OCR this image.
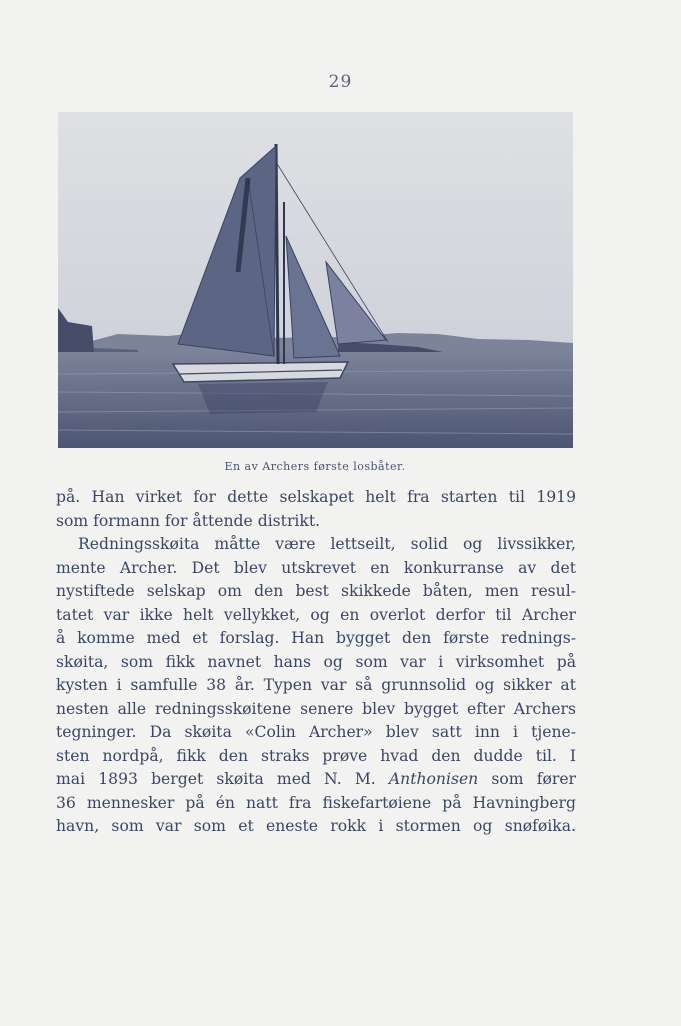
29
En av Archers første losbåter.
på. Han virket for dette selskapet helt fra starten til 1919
som formann for åttende distrikt.
Redningsskøita måtte være lettseilt, solid og livssikker,
mente Archer. Det blev utskrevet en konkurranse av det
nystiftede selskap om den best skikkede båten, men resul-
tatet var ikke helt vellykket, og en overlot derfor til Archer
å komme med et forslag. Han bygget den første rednings-
skøita, som fikk navnet hans og som var i virksomhet på
kysten i samfulle 38 år. Typen var så grunnsolid og sikker at
nesten alle redningsskøitene senere blev bygget efter Archers
tegninger. Da skøita «Colin Archer» blev satt inn i tjene-
sten nordpå, fikk den straks prøve hvad den dudde til. I
mai 1893 berget skøita med N. M. Anthonisen som fører
36 mennesker på én natt fra fiskefartøiene på Havningberg
havn, som var som et eneste rokk i stormen og snøføika.
